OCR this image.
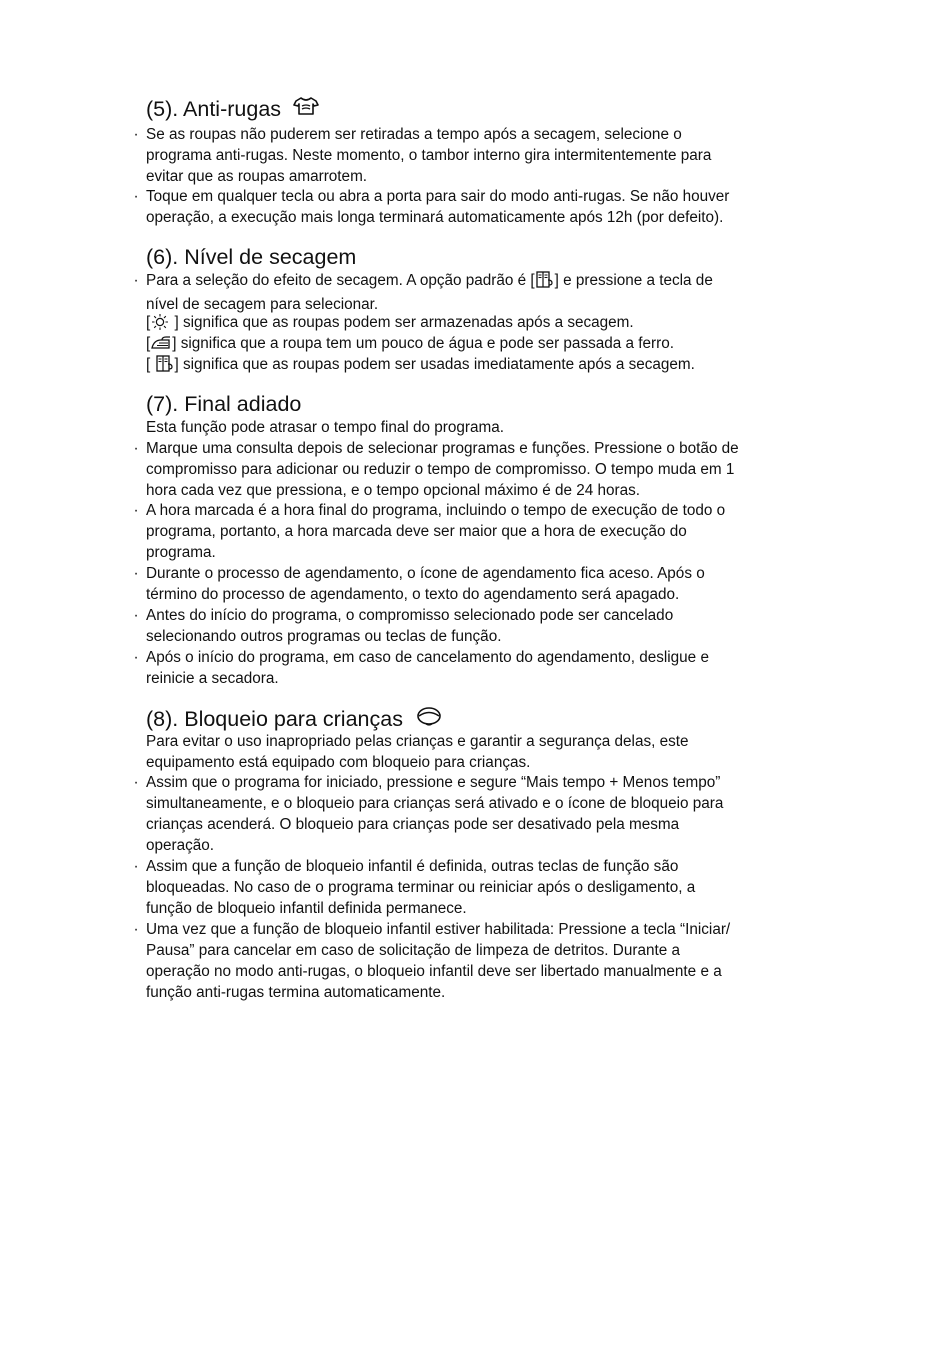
(5). Anti-rugas
· Se as roupas não puderem ser retiradas a tempo após a secagem, selecione o
programa anti-rugas. Neste momento, o tambor interno gira intermitentemente para
evitar que as roupas amarrotem.
· Toque em qualquer tecla ou abra a porta para sair do modo anti-rugas. Se não houver
operação, a execução mais longa terminará automaticamente após 12h (por defeito).
(6). Nível de secagem
· Para a seleção do efeito de secagem. A opção padrão é [ ] e pressione a tecla de
nível de secagem para selecionar.
[ ] significa que as roupas podem ser armazenadas após a secagem.
[ ] significa que a roupa tem um pouco de água e pode ser passada a ferro.
[ ] significa que as roupas podem ser usadas imediatamente após a secagem.
(7). Final adiado
Esta função pode atrasar o tempo final do programa.
· Marque uma consulta depois de selecionar programas e funções. Pressione o botão de
compromisso para adicionar ou reduzir o tempo de compromisso. O tempo muda em 1
hora cada vez que pressiona, e o tempo opcional máximo é de 24 horas.
· A hora marcada é a hora final do programa, incluindo o tempo de execução de todo o
programa, portanto, a hora marcada deve ser maior que a hora de execução do
programa.
· Durante o processo de agendamento, o ícone de agendamento fica aceso. Após o
término do processo de agendamento, o texto do agendamento será apagado.
· Antes do início do programa, o compromisso selecionado pode ser cancelado
selecionando outros programas ou teclas de função.
· Após o início do programa, em caso de cancelamento do agendamento, desligue e
reinicie a secadora.
(8). Bloqueio para crianças
Para evitar o uso inapropriado pelas crianças e garantir a segurança delas, este
equipamento está equipado com bloqueio para crianças.
· Assim que o programa for iniciado, pressione e segure “Mais tempo + Menos tempo”
simultaneamente, e o bloqueio para crianças será ativado e o ícone de bloqueio para
crianças acenderá. O bloqueio para crianças pode ser desativado pela mesma
operação.
· Assim que a função de bloqueio infantil é definida, outras teclas de função são
bloqueadas. No caso de o programa terminar ou reiniciar após o desligamento, a
função de bloqueio infantil definida permanece.
· Uma vez que a função de bloqueio infantil estiver habilitada: Pressione a tecla “Iniciar/
Pausa” para cancelar em caso de solicitação de limpeza de detritos. Durante a
operação no modo anti-rugas, o bloqueio infantil deve ser libertado manualmente e a
função anti-rugas termina automaticamente.
